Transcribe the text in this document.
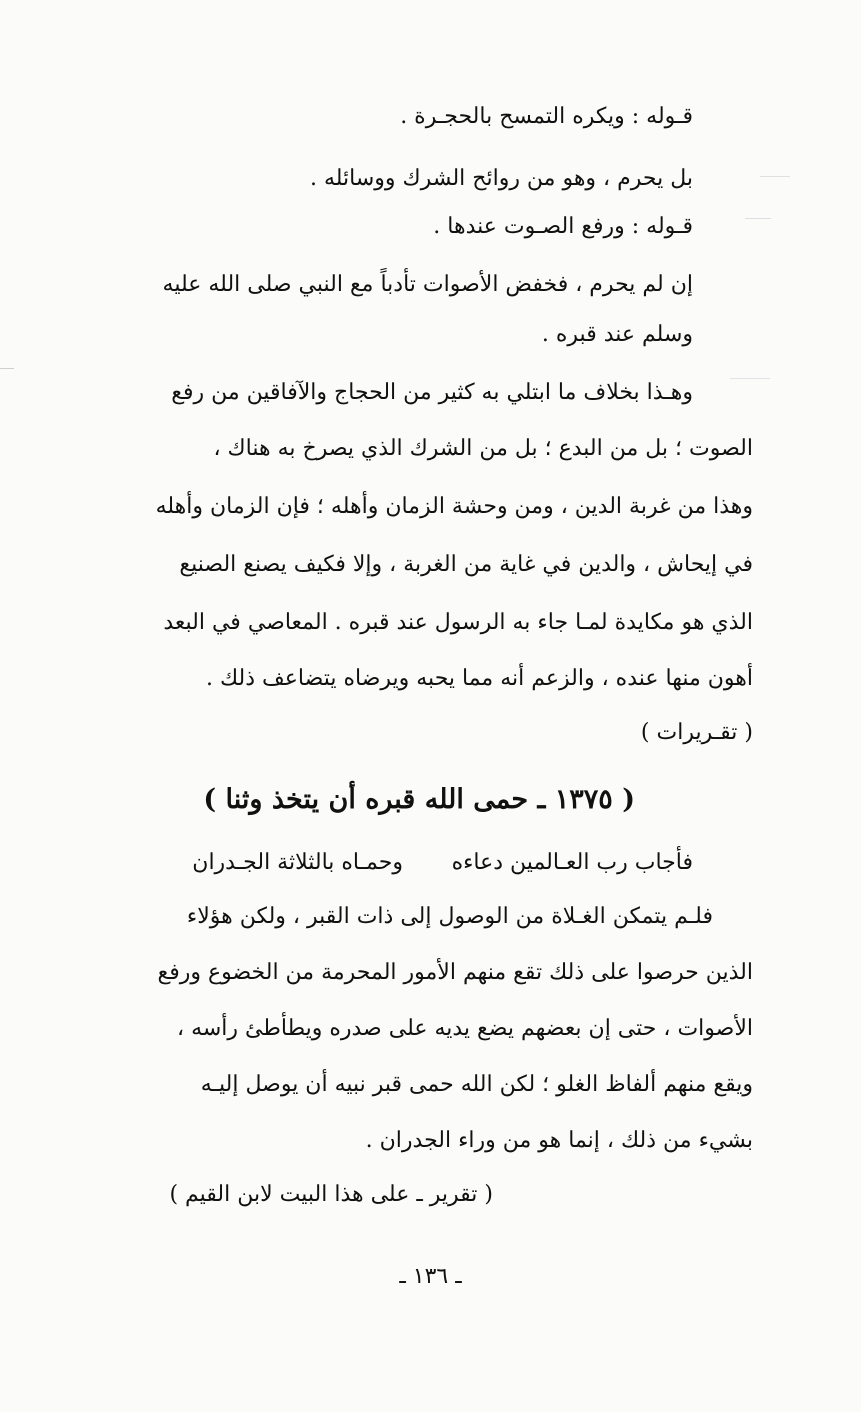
قـوله : ويكره التمسح بالحجـرة .
بل يحرم ، وهو من روائح الشرك ووسائله .
قـوله : ورفع الصـوت عندها .
إن لم يحرم ، فخفض الأصوات تأدباً مع النبي صلى الله عليه
وسلم عند قبره .
وهـذا بخلاف ما ابتلي به كثير من الحجاج والآفاقين من رفع
الصوت ؛ بل من البدع ؛ بل من الشرك الذي يصرخ به هناك ،
وهذا من غربة الدين ، ومن وحشة الزمان وأهله ؛ فإن الزمان وأهله
في إيحاش ، والدين في غاية من الغربة ، وإلا فكيف يصنع الصنيع
الذي هو مكايدة لمـا جاء به الرسول عند قبره . المعاصي في البعد
أهون منها عنده ، والزعم أنه مما يحبه ويرضاه يتضاعف ذلك .
( تقـريرات )
( ١٣٧٥ ـ حمى الله قبره أن يتخذ وثنا )
فأجاب رب العـالمين دعاءه
وحمـاه بالثلاثة الجـدران
فلـم يتمكن الغـلاة من الوصول إلى ذات القبر ، ولكن هؤلاء
الذين حرصوا على ذلك تقع منهم الأمور المحرمة من الخضوع ورفع
الأصوات ، حتى إن بعضهم يضع يديه على صدره ويطأطئ رأسه ،
ويقع منهم ألفاظ الغلو ؛ لكن الله حمى قبر نبيه أن يوصل إليـه
بشيء من ذلك ، إنما هو من وراء الجدران .
( تقرير ـ على هذا البيت لابن القيم )
ـ ١٣٦ ـ
